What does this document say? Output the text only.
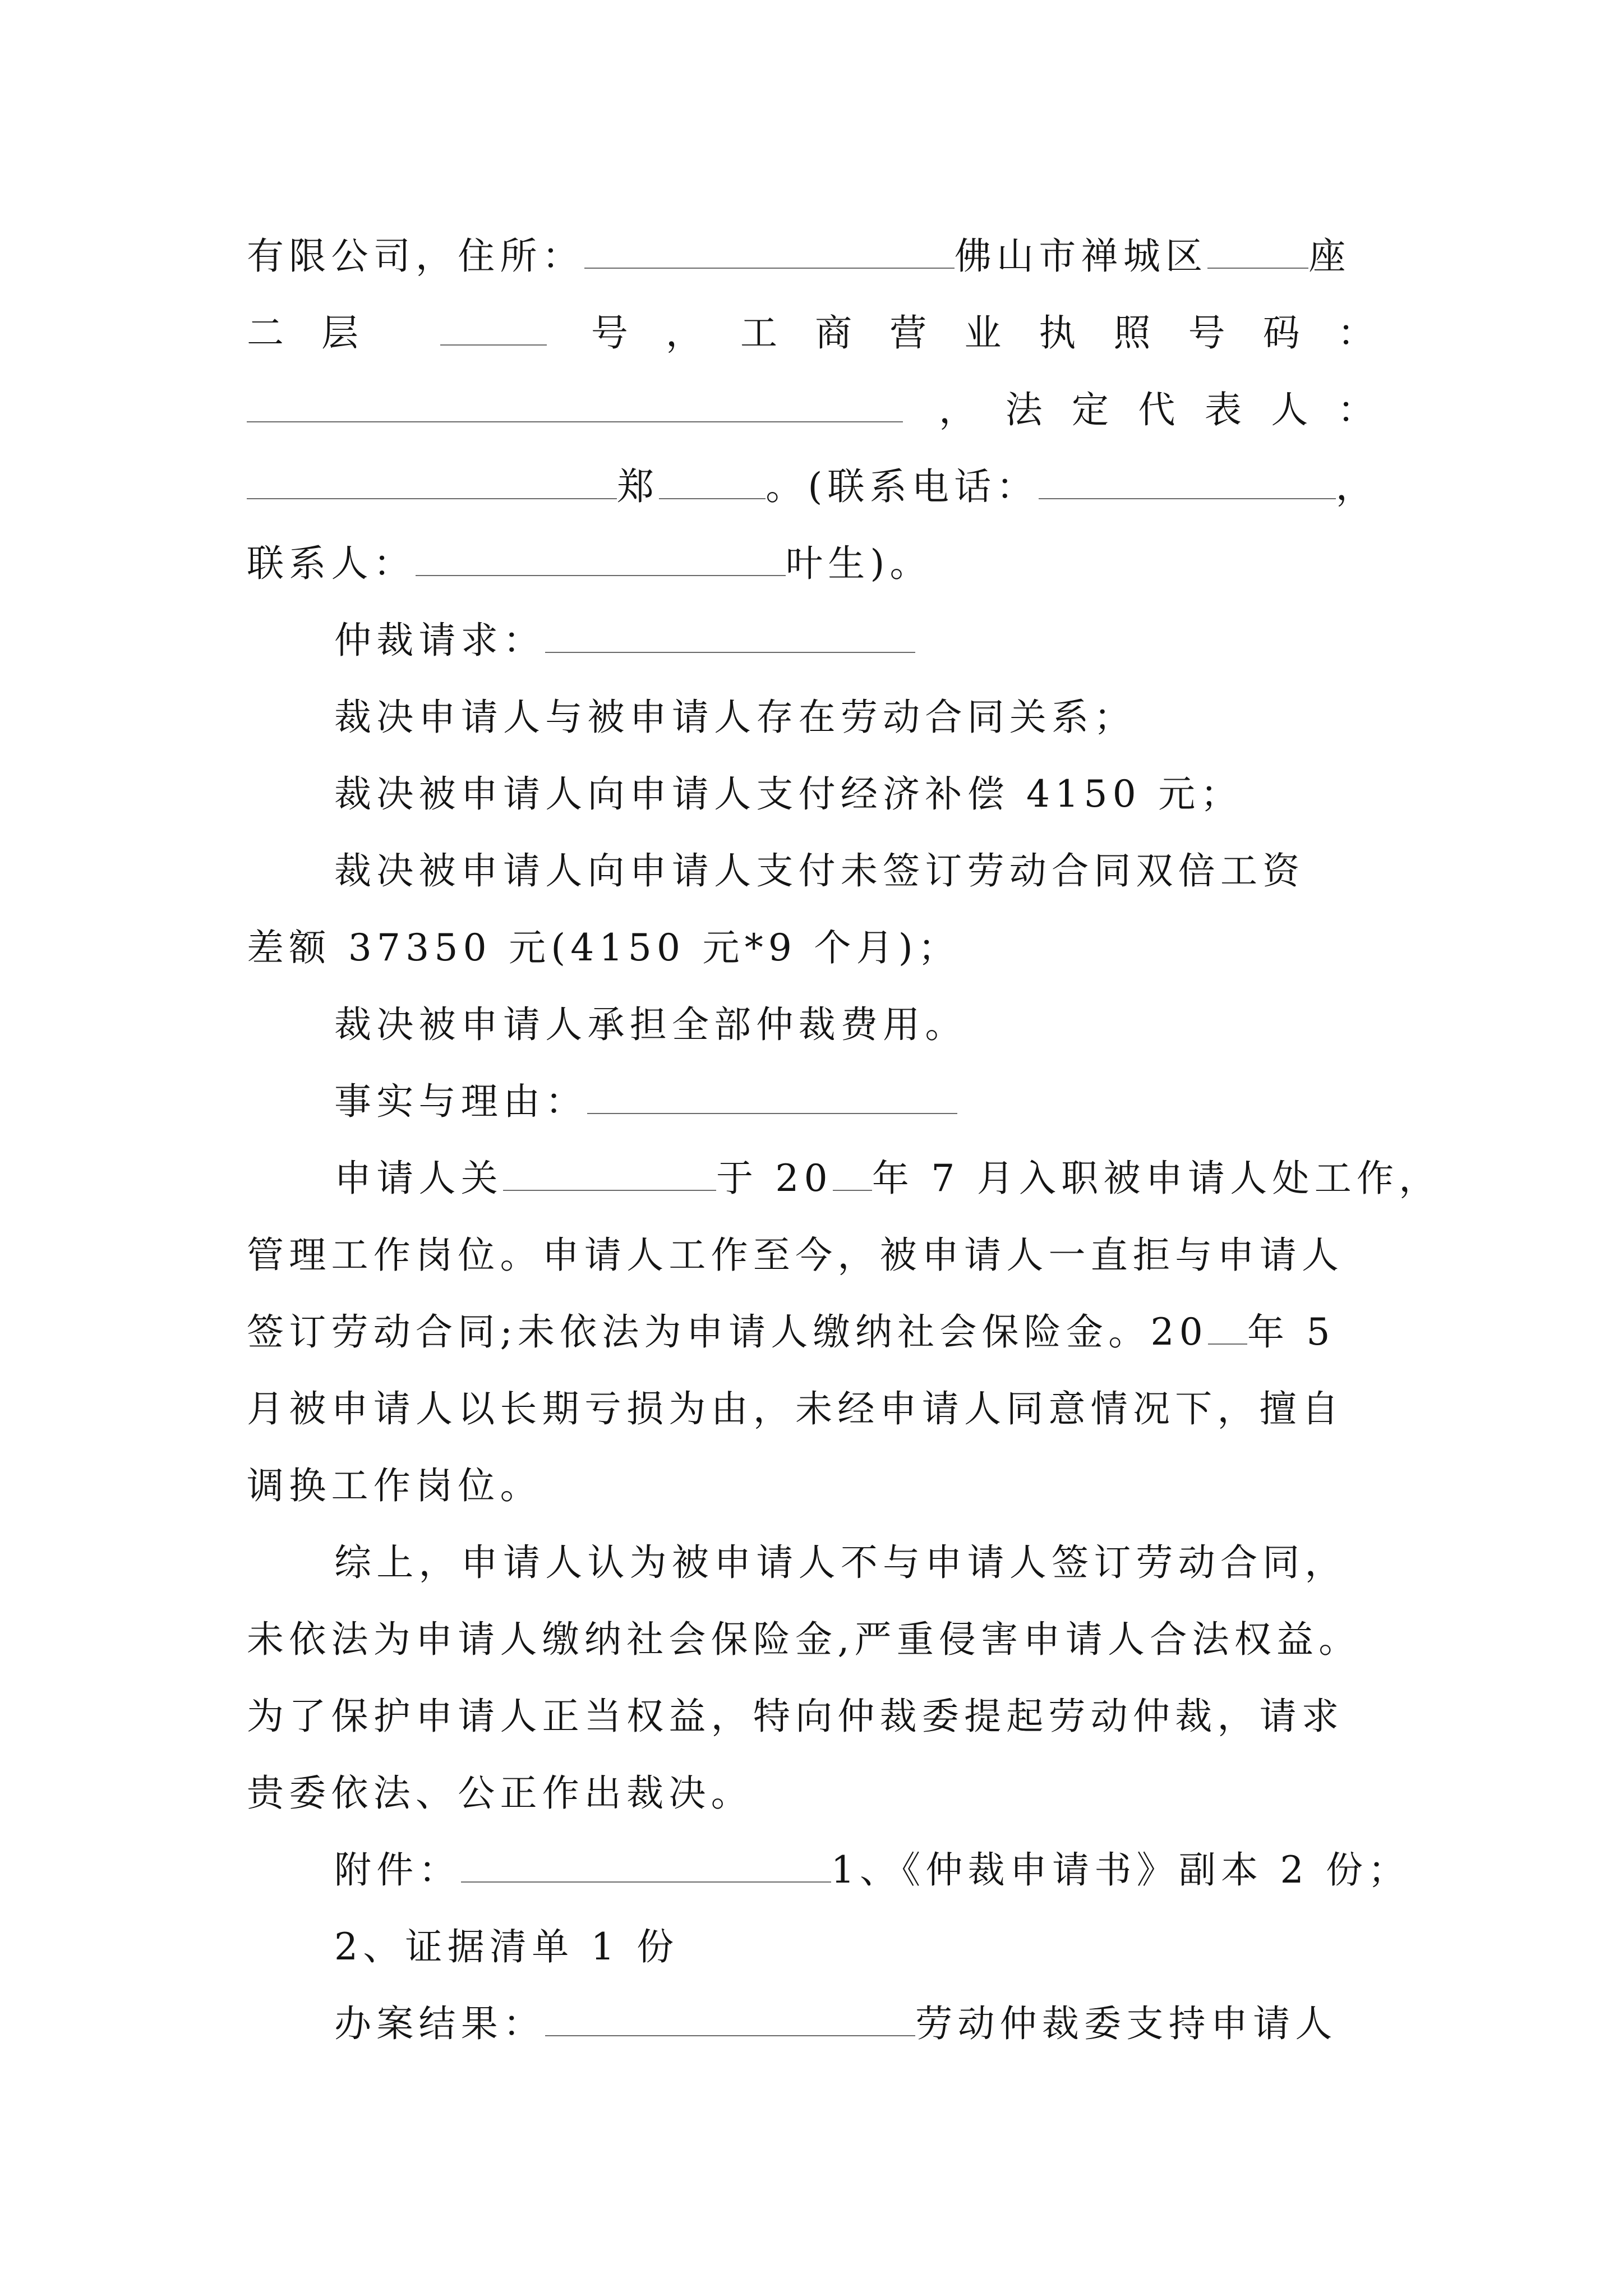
有限公司，住所：	佛山市禅城区	座
二层	号，工商营业执照号码：
，法定代表人：
郑	。(联系电话：	，
联系人：	叶生)。
仲裁请求：
裁决申请人与被申请人存在劳动合同关系；
裁决被申请人向申请人支付经济补偿 4150 元；
裁决被申请人向申请人支付未签订劳动合同双倍工资
差额 37350 元(4150 元*9 个月)；
裁决被申请人承担全部仲裁费用。
事实与理由：
申请人关	于 20 年 7 月入职被申请人处工作，
管理工作岗位。申请人工作至今，被申请人一直拒与申请人
签订劳动合同;未依法为申请人缴纳社会保险金。20 年 5
月被申请人以长期亏损为由，未经申请人同意情况下，擅自
调换工作岗位。
综上，申请人认为被申请人不与申请人签订劳动合同，
未依法为申请人缴纳社会保险金,严重侵害申请人合法权益。
为了保护申请人正当权益，特向仲裁委提起劳动仲裁，请求
贵委依法、公正作出裁决。
附件：	1、《仲裁申请书》副本 2 份；
2、证据清单 1 份
办案结果：	劳动仲裁委支持申请人
